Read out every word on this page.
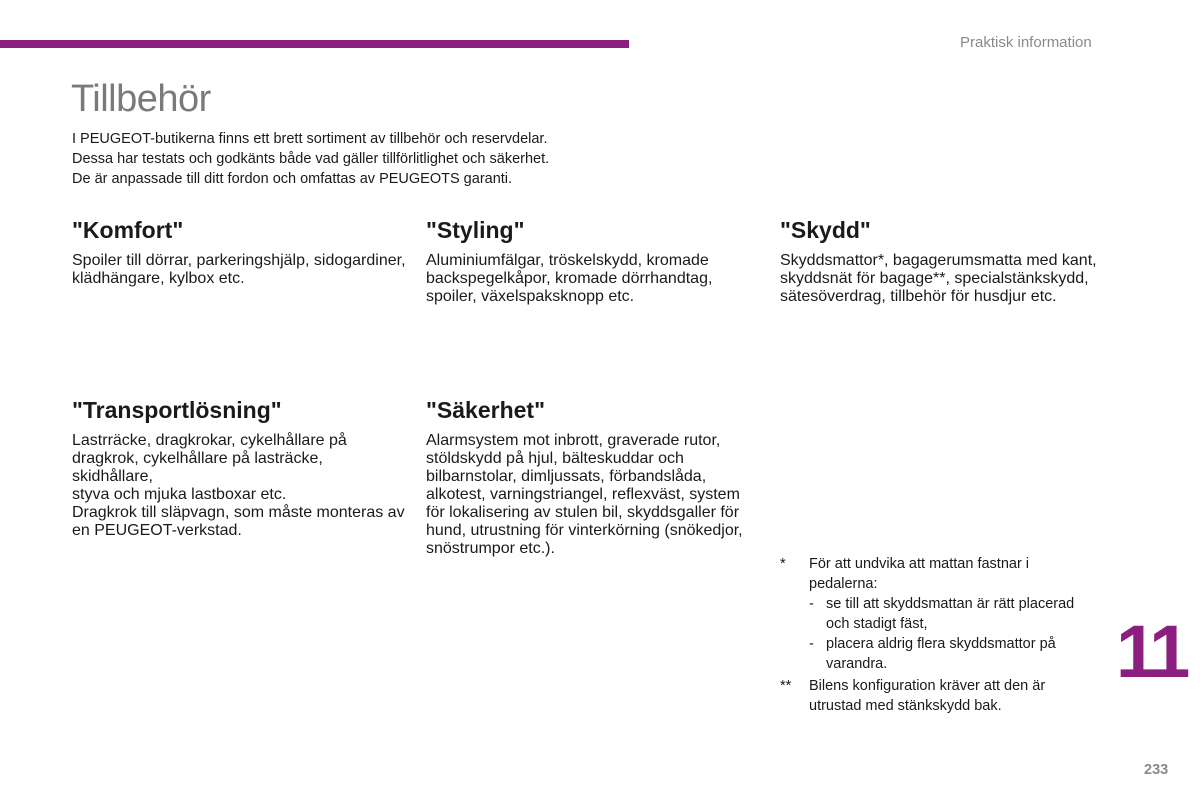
Praktisk information
Tillbehör
I PEUGEOT-butikerna finns ett brett sortiment av tillbehör och reservdelar.
Dessa har testats och godkänts både vad gäller tillförlitlighet och säkerhet.
De är anpassade till ditt fordon och omfattas av PEUGEOTS garanti.
"Komfort"

Spoiler till dörrar, parkeringshjälp, sidogardiner,
klädhängare, kylbox etc.

"Styling"

Aluminiumfälgar, tröskelskydd, kromade
backspegelkåpor, kromade dörrhandtag,
spoiler, växelspaksknopp etc.

"Skydd"

Skyddsmattor*, bagagerumsmatta med kant,
skyddsnät för bagage**, specialstänkskydd,
sätesöverdrag, tillbehör för husdjur etc.

"Transportlösning"

Lastrräcke, dragkrokar, cykelhållare på
dragkrok, cykelhållare på lasträcke, skidhållare,
styva och mjuka lastboxar etc.
Dragkrok till släpvagn, som måste monteras av
en PEUGEOT-verkstad.

"Säkerhet"

Alarmsystem mot inbrott, graverade rutor,
stöldskydd på hjul, bälteskuddar och
bilbarnstolar, dimljussats, förbandslåda,
alkotest, varningstriangel, reflexväst, system
för lokalisering av stulen bil, skyddsgaller för
hund, utrustning för vinterkörning (snökedjor,
snöstrumpor etc.).

* För att undvika att mattan fastnar i
pedalerna:
- se till att skyddsmattan är rätt placerad
och stadigt fäst,
- placera aldrig flera skyddsmattor på
varandra.
** Bilens konfiguration kräver att den är
utrustad med stänkskydd bak.
11
233
